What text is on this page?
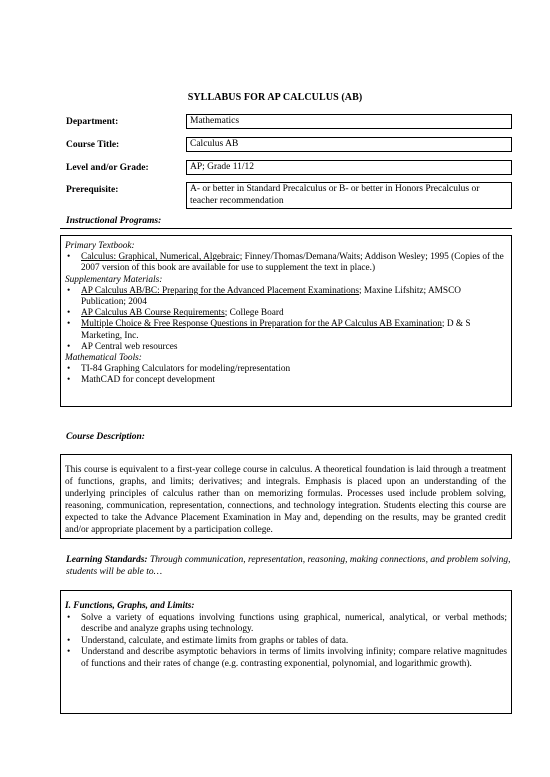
SYLLABUS FOR AP CALCULUS (AB)
Department:	Mathematics
Course Title:	Calculus AB
Level and/or Grade:	AP; Grade 11/12
Prerequisite:	A- or better in Standard Precalculus or B- or better in Honors Precalculus or teacher recommendation
Instructional Programs:

Primary Textbook:

• Calculus: Graphical, Numerical, Algebraic; Finney/Thomas/Demana/Waits; Addison Wesley; 1995 (Copies of the 2007 version of this book are available for use to supplement the text in place.)

Supplementary Materials:

• AP Calculus AB/BC: Preparing for the Advanced Placement Examinations; Maxine Lifshitz; AMSCO Publication; 2004
• AP Calculus AB Course Requirements; College Board
• Multiple Choice & Free Response Questions in Preparation for the AP Calculus AB Examination; D & S Marketing, Inc.
• AP Central web resources

Mathematical Tools:

• TI-84 Graphing Calculators for modeling/representation
• MathCAD for concept development
Course Description:
This course is equivalent to a first-year college course in calculus. A theoretical foundation is laid through a treatment of functions, graphs, and limits; derivatives; and integrals. Emphasis is placed upon an understanding of the underlying principles of calculus rather than on memorizing formulas. Processes used include problem solving, reasoning, communication, representation, connections, and technology integration. Students electing this course are expected to take the Advance Placement Examination in May and, depending on the results, may be granted credit and/or appropriate placement by a participation college.
Learning Standards: Through communication, representation, reasoning, making connections, and problem solving, students will be able to…
I. Functions, Graphs, and Limits:
• Solve a variety of equations involving functions using graphical, numerical, analytical, or verbal methods; describe and analyze graphs using technology.
• Understand, calculate, and estimate limits from graphs or tables of data.
• Understand and describe asymptotic behaviors in terms of limits involving infinity; compare relative magnitudes of functions and their rates of change (e.g. contrasting exponential, polynomial, and logarithmic growth).
